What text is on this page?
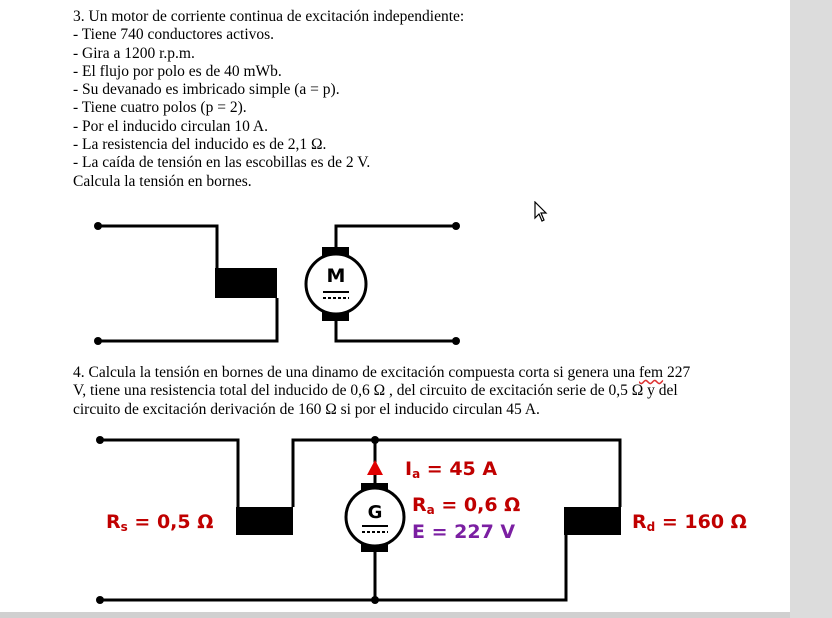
3. Un motor de corriente continua de excitación independiente:
- Tiene 740 conductores activos.
- Gira a 1200 r.p.m.
- El flujo por polo es de 40 mWb.
- Su devanado es imbricado simple (a = p).
- Tiene cuatro polos (p = 2).
- Por el inducido circulan 10 A.
- La resistencia del inducido es de 2,1 Ω.
- La caída de tensión en las escobillas es de 2 V.
Calcula la tensión en bornes.
4. Calcula la tensión en bornes de una dinamo de excitación compuesta corta si genera una fem 227
V, tiene una resistencia total del inducido de 0,6 Ω , del circuito de excitación serie de 0,5 Ω y del
circuito de excitación derivación de 160 Ω si por el inducido circulan 45 A.
M
G
Rs = 0,5 Ω
Ia = 45 A
Ra = 0,6 Ω
E = 227 V	Rd = 160 Ω
